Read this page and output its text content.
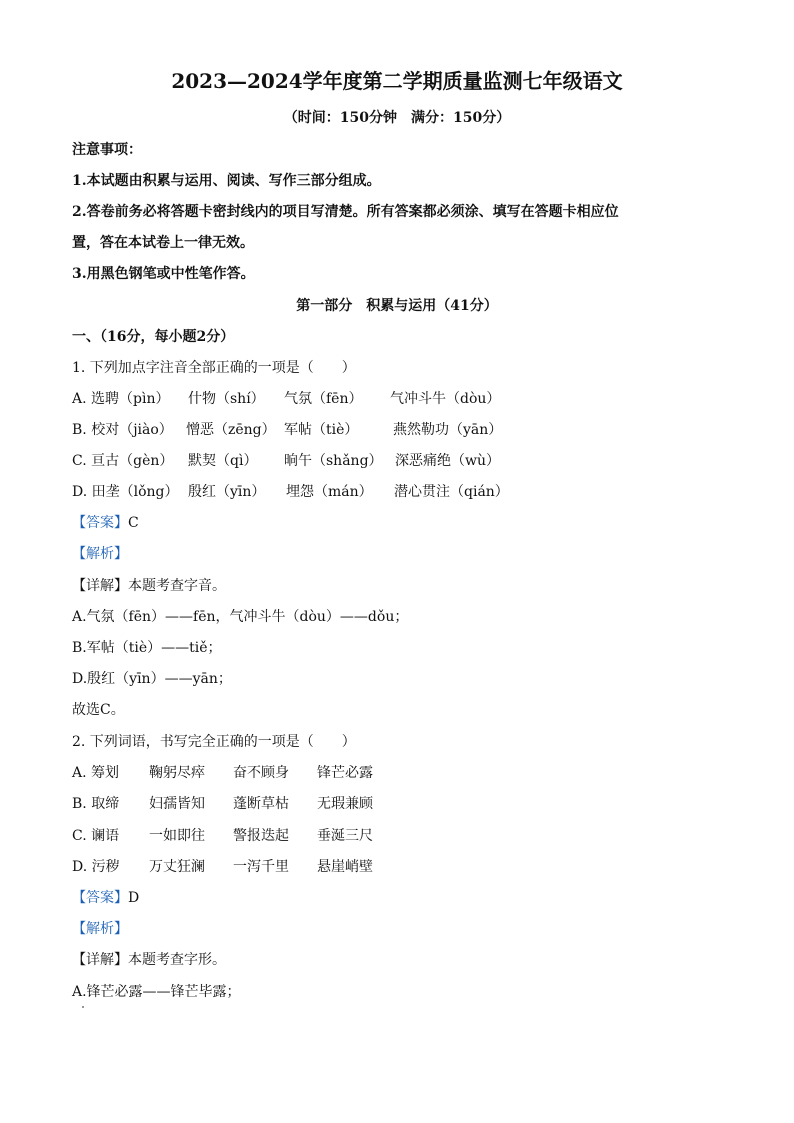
2023—2024学年度第二学期质量监测七年级语文
（时间：150分钟　满分：150分）
注意事项：
1.本试题由积累与运用、阅读、写作三部分组成。
2.答卷前务必将答题卡密封线内的项目写清楚。所有答案都必须涂、填写在答题卡相应位
置，答在本试卷上一律无效。
3.用黑色钢笔或中性笔作答。
第一部分　积累与运用（41分）
一、（16分，每小题2分）
1. 下列加点字注音全部正确的一项是（　　）
A. 选聘（pìn） 什物（shí） 气氛（fēn） 气冲斗牛（dòu）
B. 校对（jiào） 憎恶（zēng） 军帖（tiè） 燕然勒功（yān）
C. 亘古（gèn） 默契（qì） 晌午（shǎng） 深恶痛绝（wù）
D. 田垄（lǒng） 殷红（yīn） 埋怨（mán） 潜心贯注（qián）
【答案】C
【解析】
【详解】本题考查字音。
A.气氛（fēn）——fēn，气冲斗牛（dòu）——dǒu；
B.军帖（tiè）——tiě；
D.殷红（yīn）——yān；
故选C。
2. 下列词语，书写完全正确的一项是（　　）
A. 筹划 鞠躬尽瘁 奋不顾身 锋芒必露
B. 取缔 妇孺皆知 蓬断草枯 无瑕兼顾
C. 谰语 一如即往 警报迭起 垂涎三尺
D. 污秽 万丈狂澜 一泻千里 悬崖峭壁
【答案】D
【解析】
【详解】本题考查字形。
A.锋芒必露——锋芒毕露；
